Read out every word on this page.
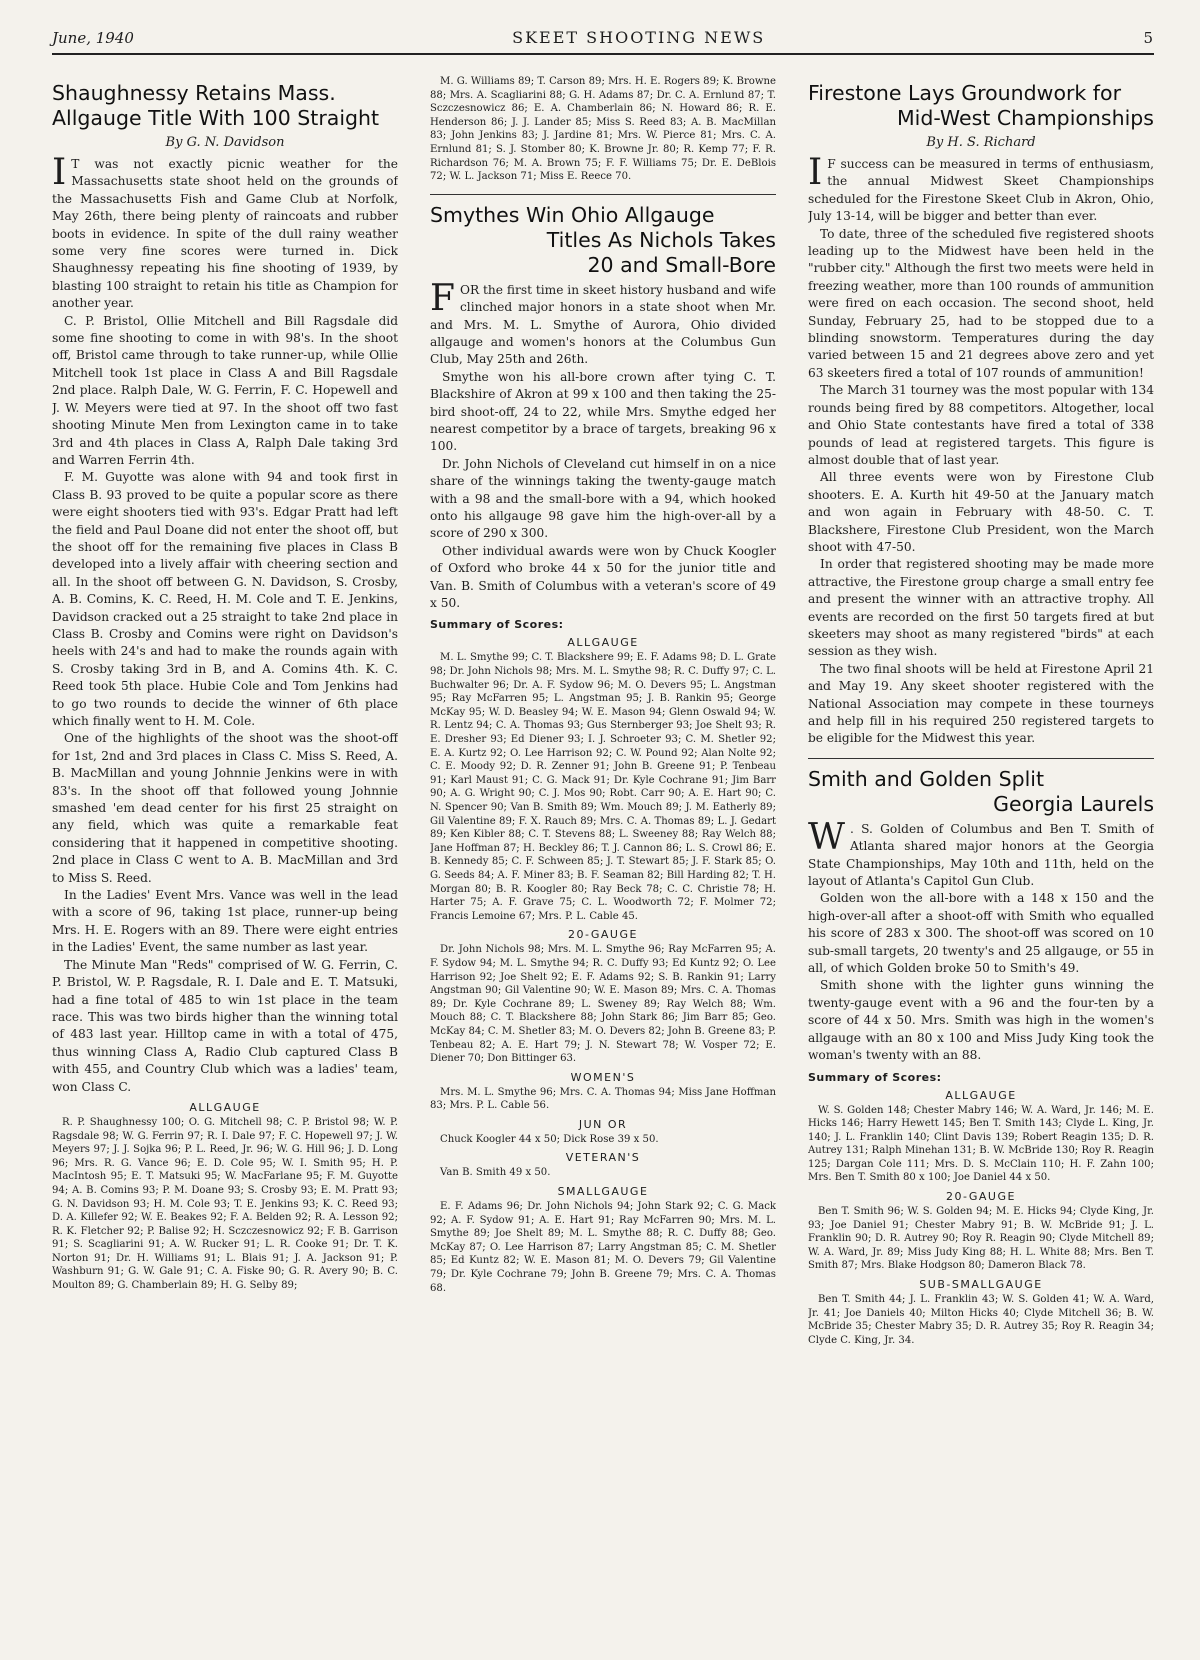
June, 1940	SKEET SHOOTING NEWS	5
Shaughnessy Retains Mass.
Allgauge Title With 100 Straight
By G. N. Davidson

I T was not exactly picnic weather for the Massachusetts state shoot held on the grounds of the Massachusetts Fish and Game Club at Norfolk, May 26th, there being plenty of raincoats and rubber boots in evidence. In spite of the dull rainy weather some very fine scores were turned in. Dick Shaughnessy repeating his fine shooting of 1939, by blasting 100 straight to retain his title as Champion for another year.

C. P. Bristol, Ollie Mitchell and Bill Ragsdale did some fine shooting to come in with 98's. In the shoot off, Bristol came through to take runner-up, while Ollie Mitchell took 1st place in Class A and Bill Ragsdale 2nd place. Ralph Dale, W. G. Ferrin, F. C. Hopewell and J. W. Meyers were tied at 97. In the shoot off two fast shooting Minute Men from Lexington came in to take 3rd and 4th places in Class A, Ralph Dale taking 3rd and Warren Ferrin 4th.

F. M. Guyotte was alone with 94 and took first in Class B. 93 proved to be quite a popular score as there were eight shooters tied with 93's. Edgar Pratt had left the field and Paul Doane did not enter the shoot off, but the shoot off for the remaining five places in Class B developed into a lively affair with cheering section and all. In the shoot off between G. N. Davidson, S. Crosby, A. B. Comins, K. C. Reed, H. M. Cole and T. E. Jenkins, Davidson cracked out a 25 straight to take 2nd place in Class B. Crosby and Comins were right on Davidson's heels with 24's and had to make the rounds again with S. Crosby taking 3rd in B, and A. Comins 4th. K. C. Reed took 5th place. Hubie Cole and Tom Jenkins had to go two rounds to decide the winner of 6th place which finally went to H. M. Cole.

One of the highlights of the shoot was the shoot-off for 1st, 2nd and 3rd places in Class C. Miss S. Reed, A. B. MacMillan and young Johnnie Jenkins were in with 83's. In the shoot off that followed young Johnnie smashed 'em dead center for his first 25 straight on any field, which was quite a remarkable feat considering that it happened in competitive shooting. 2nd place in Class C went to A. B. MacMillan and 3rd to Miss S. Reed.

In the Ladies' Event Mrs. Vance was well in the lead with a score of 96, taking 1st place, runner-up being Mrs. H. E. Rogers with an 89. There were eight entries in the Ladies' Event, the same number as last year.

The Minute Man "Reds" comprised of W. G. Ferrin, C. P. Bristol, W. P. Ragsdale, R. I. Dale and E. T. Matsuki, had a fine total of 485 to win 1st place in the team race. This was two birds higher than the winning total of 483 last year. Hilltop came in with a total of 475, thus winning Class A, Radio Club captured Class B with 455, and Country Club which was a ladies' team, won Class C.

ALLGAUGE

R. P. Shaughnessy 100; O. G. Mitchell 98; C. P. Bristol 98; W. P. Ragsdale 98; W. G. Ferrin 97; R. I. Dale 97; F. C. Hopewell 97; J. W. Meyers 97; J. J. Sojka 96; P. L. Reed, Jr. 96; W. G. Hill 96; J. D. Long 96; Mrs. R. G. Vance 96; E. D. Cole 95; W. I. Smith 95; H. P. MacIntosh 95; E. T. Matsuki 95; W. MacFarlane 95; F. M. Guyotte 94; A. B. Comins 93; P. M. Doane 93; S. Crosby 93; E. M. Pratt 93; G. N. Davidson 93; H. M. Cole 93; T. E. Jenkins 93; K. C. Reed 93; D. A. Killefer 92; W. E. Beakes 92; F. A. Belden 92; R. A. Lesson 92; R. K. Fletcher 92; P. Balise 92; H. Sczczesnowicz 92; F. B. Garrison 91; S. Scagliarini 91; A. W. Rucker 91; L. R. Cooke 91; Dr. T. K. Norton 91; Dr. H. Williams 91; L. Blais 91; J. A. Jackson 91; P. Washburn 91; G. W. Gale 91; C. A. Fiske 90; G. R. Avery 90; B. C. Moulton 89; G. Chamberlain 89; H. G. Selby 89;

M. G. Williams 89; T. Carson 89; Mrs. H. E. Rogers 89; K. Browne 88; Mrs. A. Scagliarini 88; G. H. Adams 87; Dr. C. A. Ernlund 87; T. Sczczesnowicz 86; E. A. Chamberlain 86; N. Howard 86; R. E. Henderson 86; J. J. Lander 85; Miss S. Reed 83; A. B. MacMillan 83; John Jenkins 83; J. Jardine 81; Mrs. W. Pierce 81; Mrs. C. A. Ernlund 81; S. J. Stomber 80; K. Browne Jr. 80; R. Kemp 77; F. R. Richardson 76; M. A. Brown 75; F. F. Williams 75; Dr. E. DeBlois 72; W. L. Jackson 71; Miss E. Reece 70.

Smythes Win Ohio Allgauge
Titles As Nichols Takes
20 and Small-Bore

FOR the first time in skeet history husband and wife clinched major honors in a state shoot when Mr. and Mrs. M. L. Smythe of Aurora, Ohio divided allgauge and women's honors at the Columbus Gun Club, May 25th and 26th.

Smythe won his all-bore crown after tying C. T. Blackshire of Akron at 99 x 100 and then taking the 25-bird shoot-off, 24 to 22, while Mrs. Smythe edged her nearest competitor by a brace of targets, breaking 96 x 100.

Dr. John Nichols of Cleveland cut himself in on a nice share of the winnings taking the twenty-gauge match with a 98 and the small-bore with a 94, which hooked onto his allgauge 98 gave him the high-over-all by a score of 290 x 300.

Other individual awards were won by Chuck Koogler of Oxford who broke 44 x 50 for the junior title and Van. B. Smith of Columbus with a veteran's score of 49 x 50.

Summary of Scores:
ALLGAUGE

M. L. Smythe 99; C. T. Blackshere 99; E. F. Adams 98; D. L. Grate 98; Dr. John Nichols 98; Mrs. M. L. Smythe 98; R. C. Duffy 97; C. L. Buchwalter 96; Dr. A. F. Sydow 96; M. O. Devers 95; L. Angstman 95; Ray McFarren 95; L. Angstman 95; J. B. Rankin 95; George McKay 95; W. D. Beasley 94; W. E. Mason 94; Glenn Oswald 94; W. R. Lentz 94; C. A. Thomas 93; Gus Sternberger 93; Joe Shelt 93; R. E. Dresher 93; Ed Diener 93; I. J. Schroeter 93; C. M. Shetler 92; E. A. Kurtz 92; O. Lee Harrison 92; C. W. Pound 92; Alan Nolte 92; C. E. Moody 92; D. R. Zenner 91; John B. Greene 91; P. Tenbeau 91; Karl Maust 91; C. G. Mack 91; Dr. Kyle Cochrane 91; Jim Barr 90; A. G. Wright 90; C. J. Mos 90; Robt. Carr 90; A. E. Hart 90; C. N. Spencer 90; Van B. Smith 89; Wm. Mouch 89; J. M. Eatherly 89; Gil Valentine 89; F. X. Rauch 89; Mrs. C. A. Thomas 89; L. J. Gedart 89; Ken Kibler 88; C. T. Stevens 88; L. Sweeney 88; Ray Welch 88; Jane Hoffman 87; H. Beckley 86; T. J. Cannon 86; L. S. Crowl 86; E. B. Kennedy 85; C. F. Schween 85; J. T. Stewart 85; J. F. Stark 85; O. G. Seeds 84; A. F. Miner 83; B. F. Seaman 82; Bill Harding 82; T. H. Morgan 80; B. R. Koogler 80; Ray Beck 78; C. C. Christie 78; H. Harter 75; A. F. Grave 75; C. L. Woodworth 72; F. Molmer 72; Francis Lemoine 67; Mrs. P. L. Cable 45.

20-GAUGE

Dr. John Nichols 98; Mrs. M. L. Smythe 96; Ray McFarren 95; A. F. Sydow 94; M. L. Smythe 94; R. C. Duffy 93; Ed Kuntz 92; O. Lee Harrison 92; Joe Shelt 92; E. F. Adams 92; S. B. Rankin 91; Larry Angstman 90; Gil Valentine 90; W. E. Mason 89; Mrs. C. A. Thomas 89; Dr. Kyle Cochrane 89; L. Sweney 89; Ray Welch 88; Wm. Mouch 88; C. T. Blackshere 88; John Stark 86; Jim Barr 85; Geo. McKay 84; C. M. Shetler 83; M. O. Devers 82; John B. Greene 83; P. Tenbeau 82; A. E. Hart 79; J. N. Stewart 78; W. Vosper 72; E. Diener 70; Don Bittinger 63.

WOMEN'S

Mrs. M. L. Smythe 96; Mrs. C. A. Thomas 94; Miss Jane Hoffman 83; Mrs. P. L. Cable 56.

JUN OR

Chuck Koogler 44 x 50; Dick Rose 39 x 50.

VETERAN'S

Van B. Smith 49 x 50.

SMALLGAUGE

E. F. Adams 96; Dr. John Nichols 94; John Stark 92; C. G. Mack 92; A. F. Sydow 91; A. E. Hart 91; Ray McFarren 90; Mrs. M. L. Smythe 89; Joe Shelt 89; M. L. Smythe 88; R. C. Duffy 88; Geo. McKay 87; O. Lee Harrison 87; Larry Angstman 85; C. M. Shetler 85; Ed Kuntz 82; W. E. Mason 81; M. O. Devers 79; Gil Valentine 79; Dr. Kyle Cochrane 79; John B. Greene 79; Mrs. C. A. Thomas 68.

Firestone Lays Groundwork for
Mid-West Championships
By H. S. Richard

I F success can be measured in terms of enthusiasm, the annual Midwest Skeet Championships scheduled for the Firestone Skeet Club in Akron, Ohio, July 13-14, will be bigger and better than ever.

To date, three of the scheduled five registered shoots leading up to the Midwest have been held in the "rubber city." Although the first two meets were held in freezing weather, more than 100 rounds of ammunition were fired on each occasion. The second shoot, held Sunday, February 25, had to be stopped due to a blinding snowstorm. Temperatures during the day varied between 15 and 21 degrees above zero and yet 63 skeeters fired a total of 107 rounds of ammunition!

The March 31 tourney was the most popular with 134 rounds being fired by 88 competitors. Altogether, local and Ohio State contestants have fired a total of 338 pounds of lead at registered targets. This figure is almost double that of last year.

All three events were won by Firestone Club shooters. E. A. Kurth hit 49-50 at the January match and won again in February with 48-50. C. T. Blackshere, Firestone Club President, won the March shoot with 47-50.

In order that registered shooting may be made more attractive, the Firestone group charge a small entry fee and present the winner with an attractive trophy. All events are recorded on the first 50 targets fired at but skeeters may shoot as many registered "birds" at each session as they wish.

The two final shoots will be held at Firestone April 21 and May 19. Any skeet shooter registered with the National Association may compete in these tourneys and help fill in his required 250 registered targets to be eligible for the Midwest this year.

Smith and Golden Split
Georgia Laurels

W . S. Golden of Columbus and Ben T. Smith of Atlanta shared major honors at the Georgia State Championships, May 10th and 11th, held on the layout of Atlanta's Capitol Gun Club.

Golden won the all-bore with a 148 x 150 and the high-over-all after a shoot-off with Smith who equalled his score of 283 x 300. The shoot-off was scored on 10 sub-small targets, 20 twenty's and 25 allgauge, or 55 in all, of which Golden broke 50 to Smith's 49.

Smith shone with the lighter guns winning the twenty-gauge event with a 96 and the four-ten by a score of 44 x 50. Mrs. Smith was high in the women's allgauge with an 80 x 100 and Miss Judy King took the woman's twenty with an 88.

Summary of Scores:
ALLGAUGE

W. S. Golden 148; Chester Mabry 146; W. A. Ward, Jr. 146; M. E. Hicks 146; Harry Hewett 145; Ben T. Smith 143; Clyde L. King, Jr. 140; J. L. Franklin 140; Clint Davis 139; Robert Reagin 135; D. R. Autrey 131; Ralph Minehan 131; B. W. McBride 130; Roy R. Reagin 125; Dargan Cole 111; Mrs. D. S. McClain 110; H. F. Zahn 100; Mrs. Ben T. Smith 80 x 100; Joe Daniel 44 x 50.

20-GAUGE

Ben T. Smith 96; W. S. Golden 94; M. E. Hicks 94; Clyde King, Jr. 93; Joe Daniel 91; Chester Mabry 91; B. W. McBride 91; J. L. Franklin 90; D. R. Autrey 90; Roy R. Reagin 90; Clyde Mitchell 89; W. A. Ward, Jr. 89; Miss Judy King 88; H. L. White 88; Mrs. Ben T. Smith 87; Mrs. Blake Hodgson 80; Dameron Black 78.

SUB-SMALLGAUGE

Ben T. Smith 44; J. L. Franklin 43; W. S. Golden 41; W. A. Ward, Jr. 41; Joe Daniels 40; Milton Hicks 40; Clyde Mitchell 36; B. W. McBride 35; Chester Mabry 35; D. R. Autrey 35; Roy R. Reagin 34; Clyde C. King, Jr. 34.
